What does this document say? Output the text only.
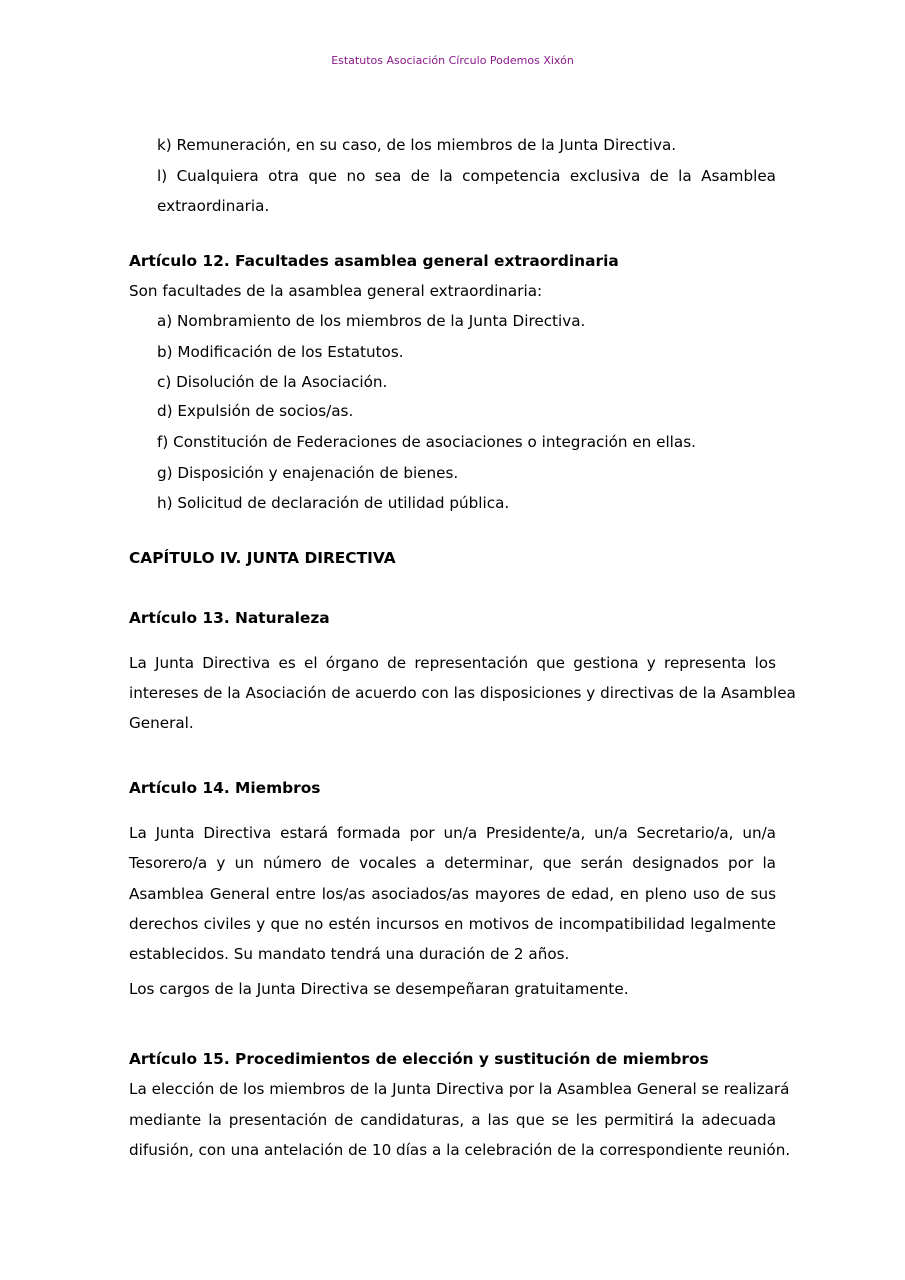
Estatutos Asociación Círculo Podemos Xixón
k) Remuneración, en su caso, de los miembros de la Junta Directiva.
l) Cualquiera otra que no sea de la competencia exclusiva de la Asamblea
extraordinaria.
Artículo 12. Facultades asamblea general extraordinaria
Son facultades de la asamblea general extraordinaria:
a) Nombramiento de los miembros de la Junta Directiva.
b) Modificación de los Estatutos.
c) Disolución de la Asociación.
d) Expulsión de socios/as.
f) Constitución de Federaciones de asociaciones o integración en ellas.
g) Disposición y enajenación de bienes.
h) Solicitud de declaración de utilidad pública.
CAPÍTULO IV. JUNTA DIRECTIVA
Artículo 13. Naturaleza
La Junta Directiva es el órgano de representación que gestiona y representa los
intereses de la Asociación de acuerdo con las disposiciones y directivas de la Asamblea
General.
Artículo 14. Miembros
La Junta Directiva estará formada por un/a Presidente/a, un/a Secretario/a, un/a
Tesorero/a y un número de vocales a determinar, que serán designados por la
Asamblea General entre los/as asociados/as mayores de edad, en pleno uso de sus
derechos civiles y que no estén incursos en motivos de incompatibilidad legalmente
establecidos. Su mandato tendrá una duración de 2 años.
Los cargos de la Junta Directiva se desempeñaran gratuitamente.
Artículo 15. Procedimientos de elección y sustitución de miembros
La elección de los miembros de la Junta Directiva por la Asamblea General se realizará
mediante la presentación de candidaturas, a las que se les permitirá la adecuada
difusión, con una antelación de 10 días a la celebración de la correspondiente reunión.
